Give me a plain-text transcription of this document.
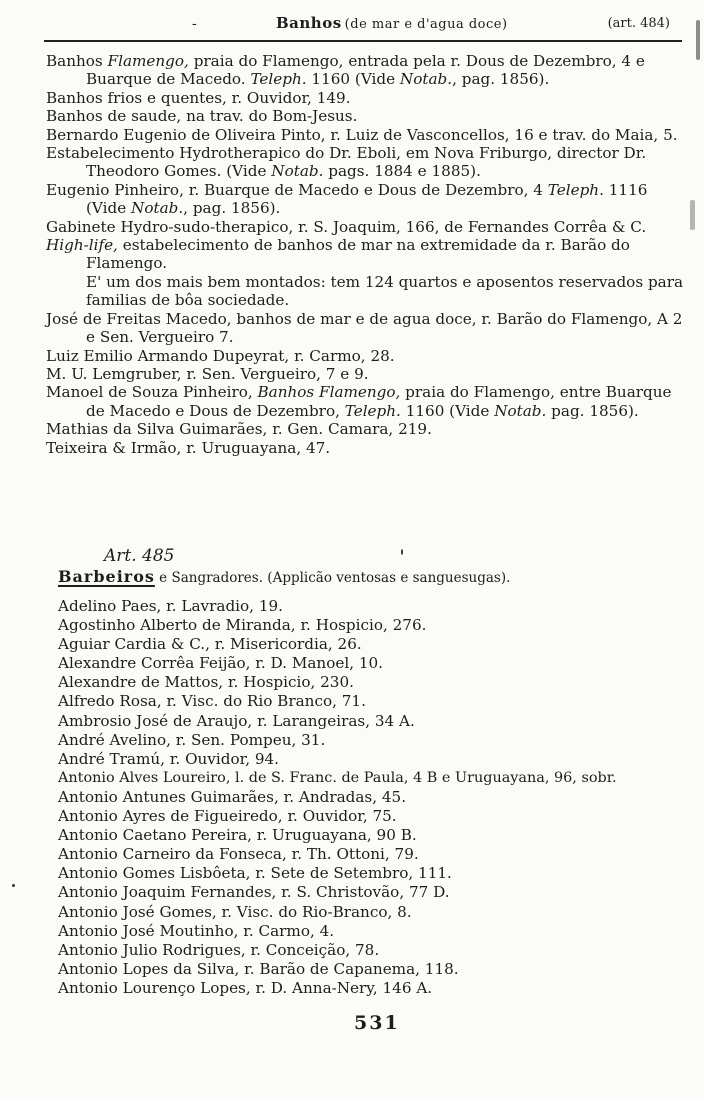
-	Banhos (de mar e d'agua doce)	(art. 484)

Banhos Flamengo, praia do Flamengo, entrada pela r. Dous de Dezembro, 4 e Buarque de Macedo. Teleph. 1160 (Vide Notab., pag. 1856).

Banhos frios e quentes, r. Ouvidor, 149.

Banhos de saude, na trav. do Bom-Jesus.

Bernardo Eugenio de Oliveira Pinto, r. Luiz de Vasconcellos, 16 e trav. do Maia, 5.

Estabelecimento Hydrotherapico do Dr. Eboli, em Nova Friburgo, director Dr. Theodoro Gomes. (Vide Notab. pags. 1884 e 1885).

Eugenio Pinheiro, r. Buarque de Macedo e Dous de Dezembro, 4 Teleph. 1116 (Vide Notab., pag. 1856).

Gabinete Hydro-sudo-therapico, r. S. Joaquim, 166, de Fernandes Corrêa & C.

High-life, estabelecimento de banhos de mar na extremidade da r. Barão do Flamengo.

E' um dos mais bem montados: tem 124 quartos e aposentos reservados para familias de bôa sociedade.

José de Freitas Macedo, banhos de mar e de agua doce, r. Barão do Flamengo, A 2 e Sen. Vergueiro 7.

Luiz Emilio Armando Dupeyrat, r. Carmo, 28.

M. U. Lemgruber, r. Sen. Vergueiro, 7 e 9.

Manoel de Souza Pinheiro, Banhos Flamengo, praia do Flamengo, entre Buarque de Macedo e Dous de Dezembro, Teleph. 1160 (Vide Notab. pag. 1856).

Mathias da Silva Guimarães, r. Gen. Camara, 219.

Teixeira & Irmão, r. Uruguayana, 47.

Art. 485
Barbeiros e Sangradores. (Applicão ventosas e sanguesugas).

Adelino Paes, r. Lavradio, 19.

Agostinho Alberto de Miranda, r. Hospicio, 276.

Aguiar Cardia & C., r. Misericordia, 26.

Alexandre Corrêa Feijão, r. D. Manoel, 10.

Alexandre de Mattos, r. Hospicio, 230.

Alfredo Rosa, r. Visc. do Rio Branco, 71.

Ambrosio José de Araujo, r. Larangeiras, 34 A.

André Avelino, r. Sen. Pompeu, 31.

André Tramú, r. Ouvidor, 94.

Antonio Alves Loureiro, l. de S. Franc. de Paula, 4 B e Uruguayana, 96, sobr.

Antonio Antunes Guimarães, r. Andradas, 45.

Antonio Ayres de Figueiredo, r. Ouvidor, 75.

Antonio Caetano Pereira, r. Uruguayana, 90 B.

Antonio Carneiro da Fonseca, r. Th. Ottoni, 79.

Antonio Gomes Lisbôeta, r. Sete de Setembro, 111.

Antonio Joaquim Fernandes, r. S. Christovão, 77 D.

Antonio José Gomes, r. Visc. do Rio-Branco, 8.

Antonio José Moutinho, r. Carmo, 4.

Antonio Julio Rodrigues, r. Conceição, 78.

Antonio Lopes da Silva, r. Barão de Capanema, 118.

Antonio Lourenço Lopes, r. D. Anna-Nery, 146 A.

531
